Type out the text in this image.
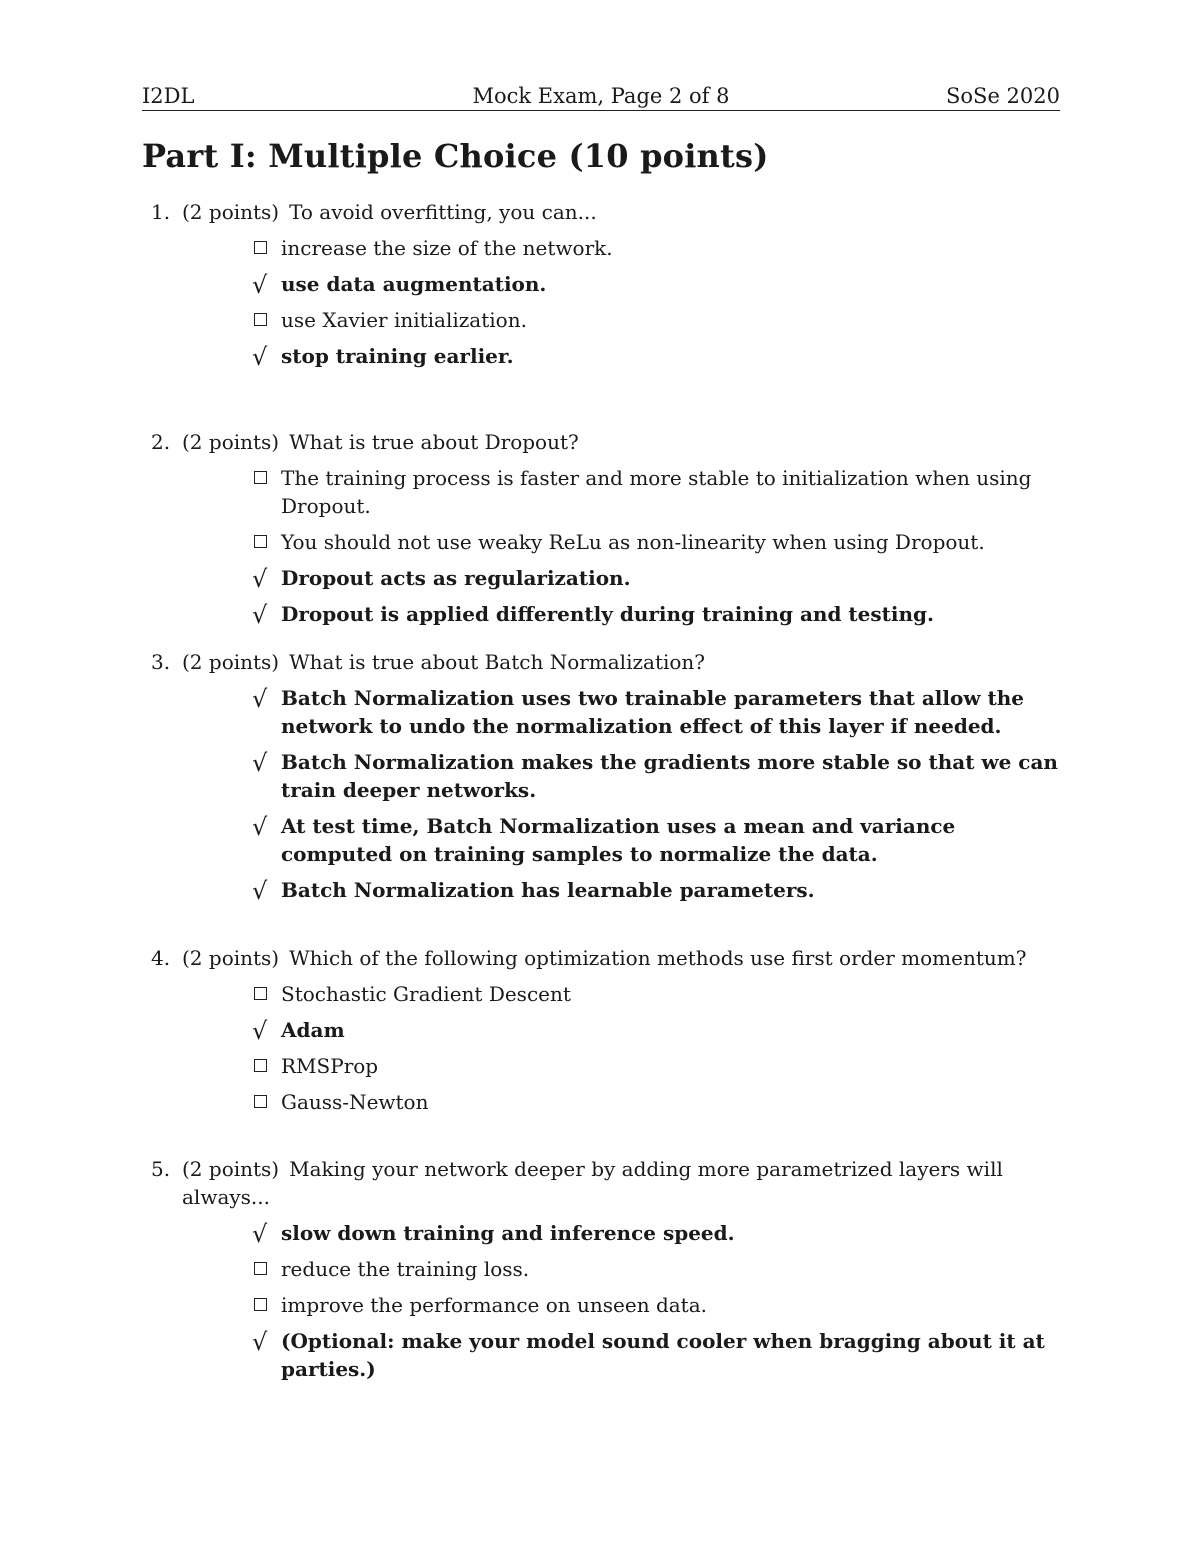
I2DL	Mock Exam, Page 2 of 8	SoSe 2020
Part I: Multiple Choice (10 points)
1. (2 points) To avoid overfitting, you can...
increase the size of the network.
√ use data augmentation.
use Xavier initialization.
√ stop training earlier.
2. (2 points) What is true about Dropout?
The training process is faster and more stable to initialization when using Dropout.
You should not use weaky ReLu as non-linearity when using Dropout.
√ Dropout acts as regularization.
√ Dropout is applied differently during training and testing.
3. (2 points) What is true about Batch Normalization?
√ Batch Normalization uses two trainable parameters that allow the network to undo the normalization effect of this layer if needed.
√ Batch Normalization makes the gradients more stable so that we can train deeper networks.
√ At test time, Batch Normalization uses a mean and variance computed on training samples to normalize the data.
√ Batch Normalization has learnable parameters.
4. (2 points) Which of the following optimization methods use first order momentum?
Stochastic Gradient Descent
√ Adam
RMSProp
Gauss-Newton
5. (2 points) Making your network deeper by adding more parametrized layers will always...
√ slow down training and inference speed.
reduce the training loss.
improve the performance on unseen data.
√ (Optional: make your model sound cooler when bragging about it at parties.)
